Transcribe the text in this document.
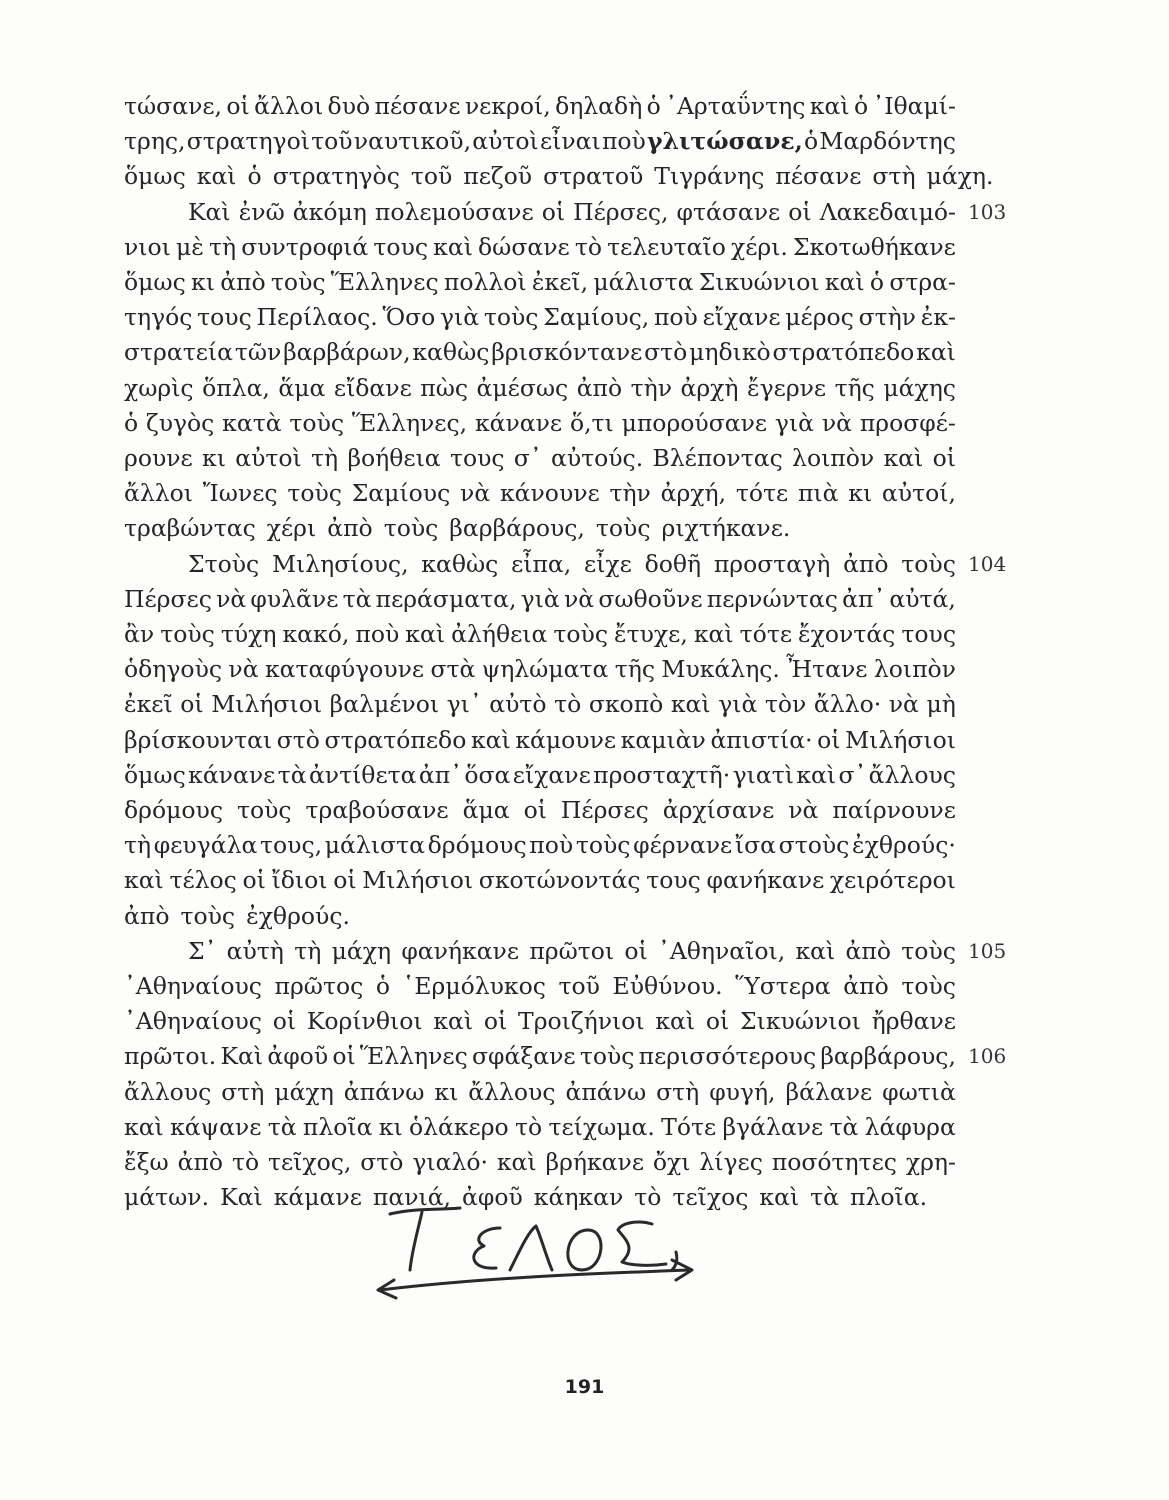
τώσανε, οἱ ἄλλοι δυὸ πέσανε νεκροί, δηλαδὴ ὁ ᾿Αρταΰντης καὶ ὁ ᾿Ιθαμί-
τρης, στρατηγοὶ τοῦ ναυτικοῦ, αὐτοὶ εἶναι ποὺ γλιτώσανε, ὁ Μαρδόντης
ὅμως καὶ ὁ στρατηγὸς τοῦ πεζοῦ στρατοῦ Τιγράνης πέσανε στὴ μάχη.
Καὶ ἐνῶ ἀκόμη πολεμούσανε οἱ Πέρσες, φτάσανε οἱ Λακεδαιμό-
νιοι μὲ τὴ συντροφιά τους καὶ δώσανε τὸ τελευταῖο χέρι. Σκοτωθήκανε
ὅμως κι ἀπὸ τοὺς Ἕλληνες πολλοὶ ἐκεῖ, μάλιστα Σικυώνιοι καὶ ὁ στρα-
τηγός τους Περίλαος. Ὅσο γιὰ τοὺς Σαμίους, ποὺ εἴχανε μέρος στὴν ἐκ-
στρατεία τῶν βαρβάρων, καθὼς βρισκόντανε στὸ μηδικὸ στρατόπεδο καὶ
χωρὶς ὅπλα, ἅμα εἴδανε πὼς ἀμέσως ἀπὸ τὴν ἀρχὴ ἔγερνε τῆς μάχης
ὁ ζυγὸς κατὰ τοὺς Ἕλληνες, κάνανε ὅ,τι μπορούσανε γιὰ νὰ προσφέ-
ρουνε κι αὐτοὶ τὴ βοήθεια τους σ᾿ αὐτούς. Βλέποντας λοιπὸν καὶ οἱ
ἄλλοι Ἴωνες τοὺς Σαμίους νὰ κάνουνε τὴν ἀρχή, τότε πιὰ κι αὐτοί,
τραβώντας χέρι ἀπὸ τοὺς βαρβάρους, τοὺς ριχτήκανε.
Στοὺς Μιλησίους, καθὼς εἶπα, εἶχε δοθῆ προσταγὴ ἀπὸ τοὺς
Πέρσες νὰ φυλᾶνε τὰ περάσματα, γιὰ νὰ σωθοῦνε περνώντας ἀπ᾿ αὐτά,
ἂν τοὺς τύχη κακό, ποὺ καὶ ἀλήθεια τοὺς ἔτυχε, καὶ τότε ἔχοντάς τους
ὁδηγοὺς νὰ καταφύγουνε στὰ ψηλώματα τῆς Μυκάλης. Ἦτανε λοιπὸν
ἐκεῖ οἱ Μιλήσιοι βαλμένοι γι᾿ αὐτὸ τὸ σκοπὸ καὶ γιὰ τὸν ἄλλο· νὰ μὴ
βρίσκουνται στὸ στρατόπεδο καὶ κάμουνε καμιὰν ἀπιστία· οἱ Μιλήσιοι
ὅμως κάνανε τὰ ἀντίθετα ἀπ᾿ ὅσα εἴχανε προσταχτῆ· γιατὶ καὶ σ᾿ ἄλλους
δρόμους τοὺς τραβούσανε ἅμα οἱ Πέρσες ἀρχίσανε νὰ παίρνουνε
τὴ φευγάλα τους, μάλιστα δρόμους ποὺ τοὺς φέρνανε ἴσα στοὺς ἐχθρούς·
καὶ τέλος οἱ ἴδιοι οἱ Μιλήσιοι σκοτώνοντάς τους φανήκανε χειρότεροι
ἀπὸ τοὺς ἐχθρούς.
Σ᾿ αὐτὴ τὴ μάχη φανήκανε πρῶτοι οἱ ᾿Αθηναῖοι, καὶ ἀπὸ τοὺς
᾿Αθηναίους πρῶτος ὁ ῾Ερμόλυκος τοῦ Εὐθύνου. Ὕστερα ἀπὸ τοὺς
᾿Αθηναίους οἱ Κορίνθιοι καὶ οἱ Τροιζήνιοι καὶ οἱ Σικυώνιοι ἤρθανε
πρῶτοι. Καὶ ἀφοῦ οἱ Ἕλληνες σφάξανε τοὺς περισσότερους βαρβάρους,
ἄλλους στὴ μάχη ἀπάνω κι ἄλλους ἀπάνω στὴ φυγή, βάλανε φωτιὰ
καὶ κάψανε τὰ πλοῖα κι ὁλάκερο τὸ τείχωμα. Τότε βγάλανε τὰ λάφυρα
ἔξω ἀπὸ τὸ τεῖχος, στὸ γιαλό· καὶ βρήκανε ὄχι λίγες ποσότητες χρη-
μάτων. Καὶ κάμανε πανιά, ἀφοῦ κάηκαν τὸ τεῖχος καὶ τὰ πλοῖα.
103
104
105
106
191
